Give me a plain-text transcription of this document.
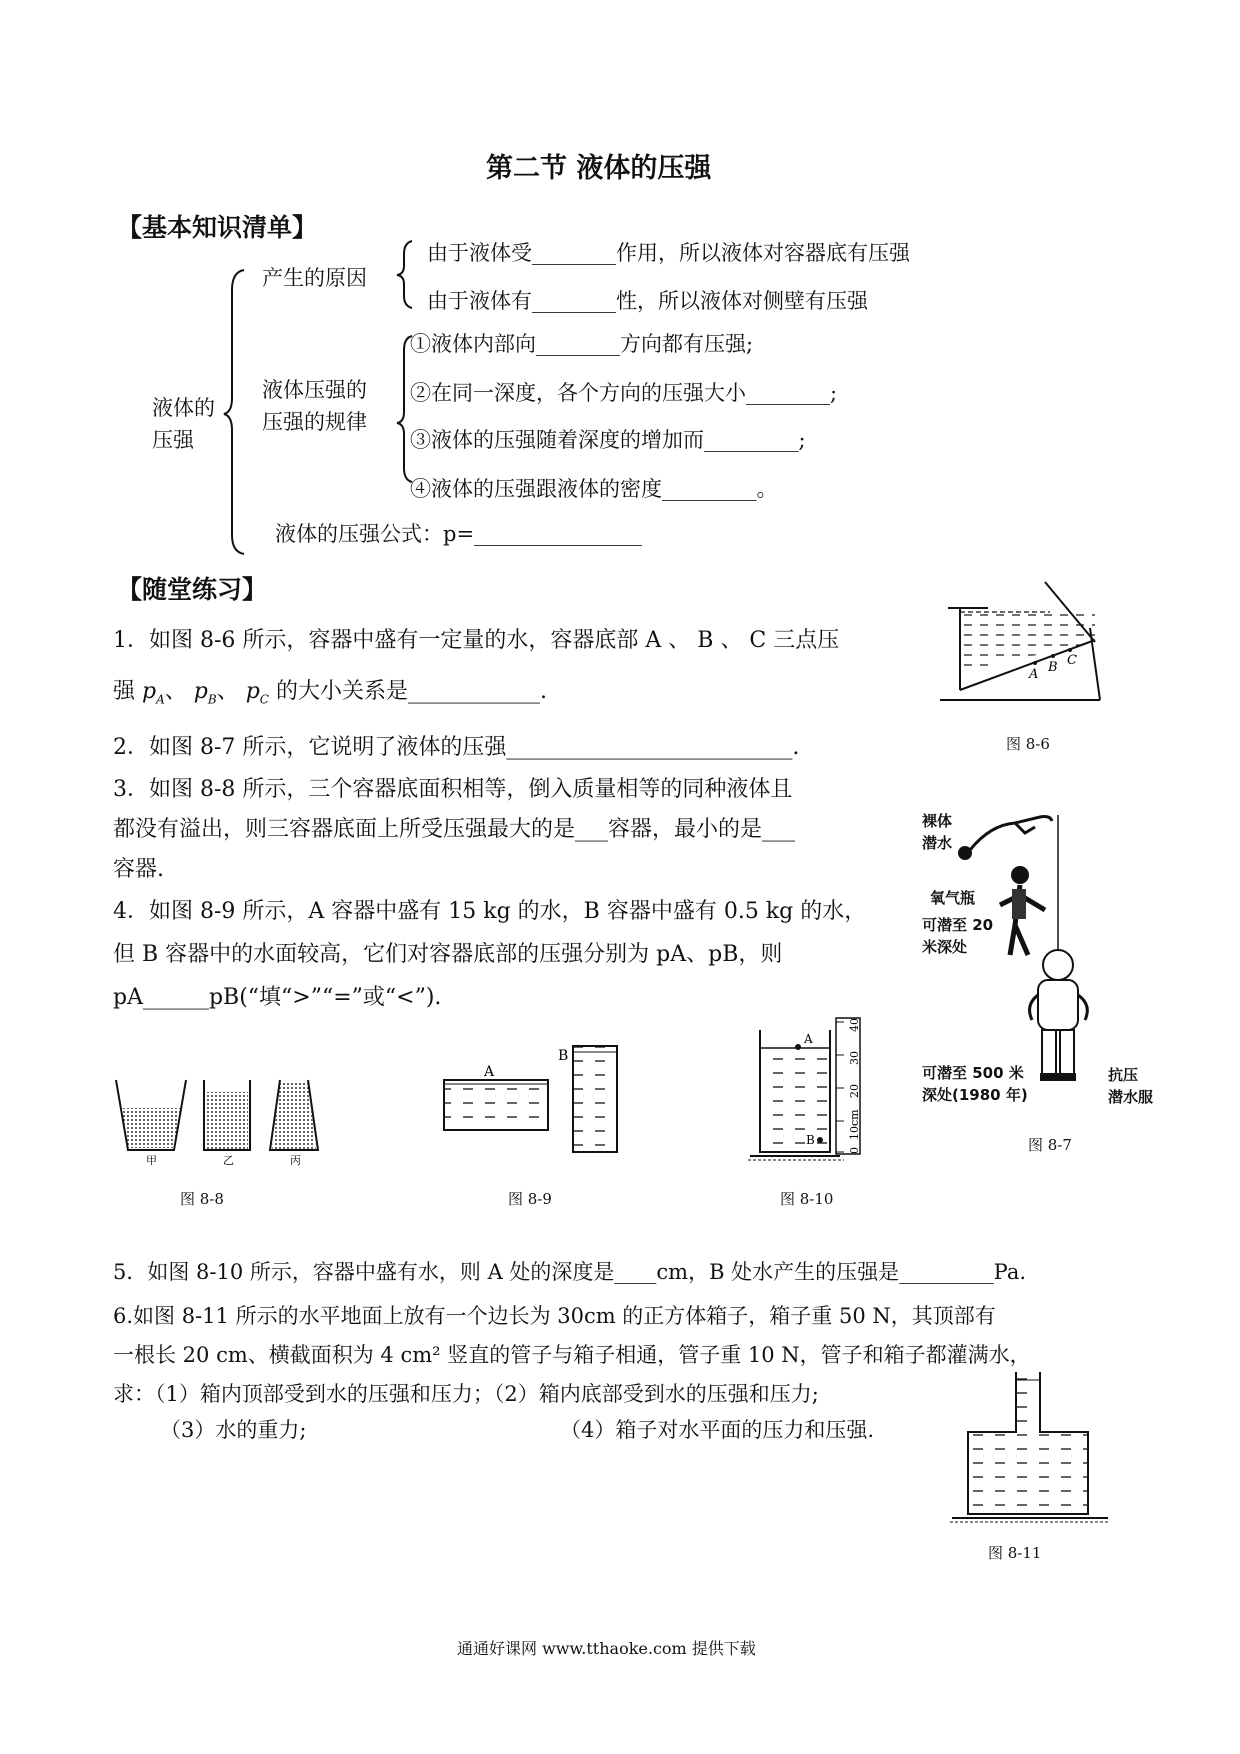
第二节 液体的压强
【基本知识清单】
液体的
压强
产生的原因
由于液体受________作用，所以液体对容器底有压强
由于液体有________性，所以液体对侧壁有压强
液体压强的
压强的规律
①液体内部向________方向都有压强;
②在同一深度，各个方向的压强大小________;
③液体的压强随着深度的增加而_________;
④液体的压强跟液体的密度_________。
液体的压强公式：p=________________
【随堂练习】
1．如图 8-6 所示，容器中盛有一定量的水，容器底部 A 、 B 、 C 三点压
强 $p_A$、 $p_B$、 $p_C$ 的大小关系是____________.
2．如图 8-7 所示，它说明了液体的压强__________________________.
3．如图 8-8 所示，三个容器底面积相等，倒入质量相等的同种液体且
都没有溢出，则三容器底面上所受压强最大的是___容器，最小的是___
容器.
4．如图 8-9 所示，A 容器中盛有 15 kg 的水，B 容器中盛有 0.5 kg 的水，
但 B 容器中的水面较高，它们对容器底部的压强分别为 pA、pB，则
pA______pB(“填“>”“=”或“<”).
5．如图 8-10 所示，容器中盛有水，则 A 处的深度是____cm，B 处水产生的压强是_________Pa.
6.如图 8-11 所示的水平地面上放有一个边长为 30cm 的正方体箱子，箱子重 50 N，其顶部有
一根长 20 cm、横截面积为 4 cm² 竖直的管子与箱子相通，管子重 10 N，管子和箱子都灌满水，
求：（1）箱内顶部受到水的压强和压力；（2）箱内底部受到水的压强和压力;
（3）水的重力;	（4）箱子对水平面的压力和压强.
A B C
图 8-6
裸体
潜水
氧气瓶
可潜至 20
米深处
可潜至 500 米
深处(1980 年)
抗压
潜水服
图 8-7
甲	乙	丙
图 8-8
A
B
图 8-9
A
B
40
30
20
10cm
0
图 8-10
图 8-11
通通好课网 www.tthaoke.com 提供下载
